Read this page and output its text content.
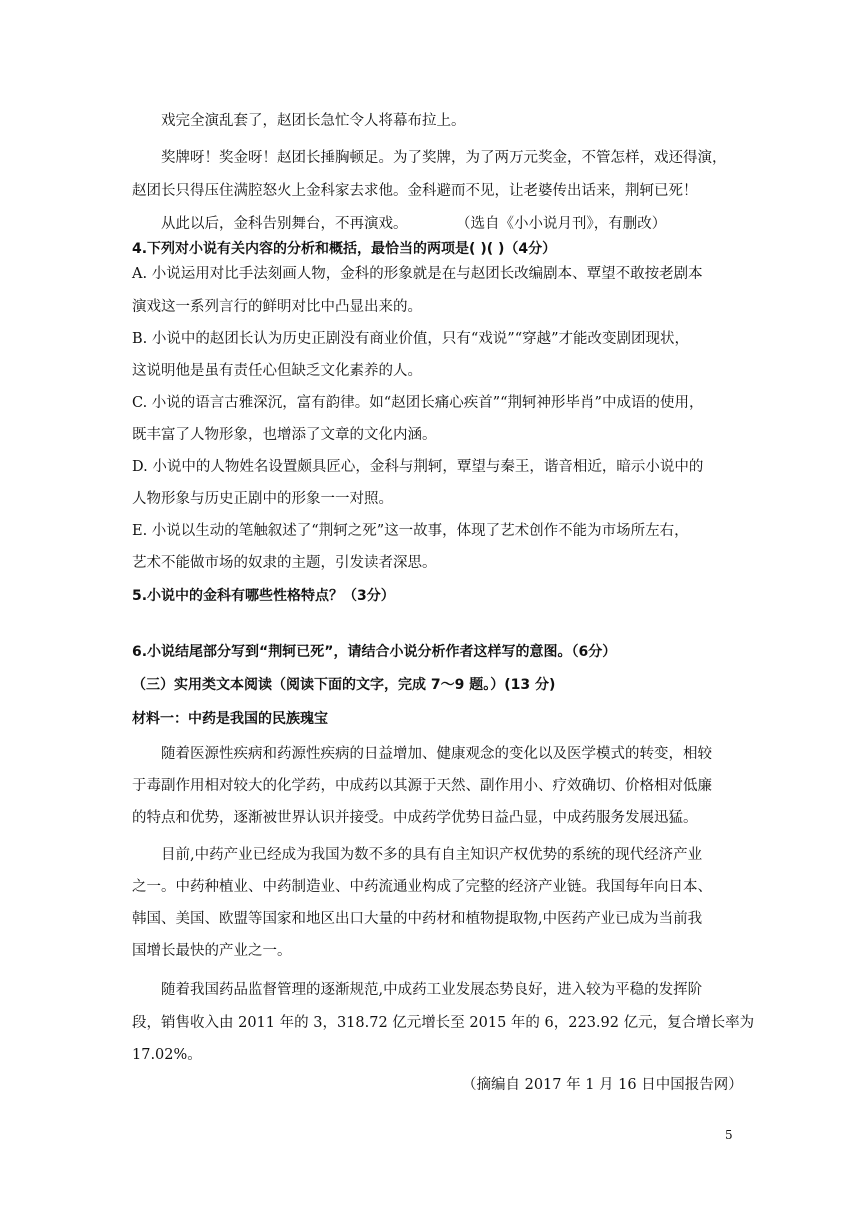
戏完全演乱套了，赵团长急忙令人将幕布拉上。
奖牌呀！奖金呀！赵团长捶胸顿足。为了奖牌，为了两万元奖金，不管怎样，戏还得演，
赵团长只得压住满腔怒火上金科家去求他。金科避而不见，让老婆传出话来，荆轲已死！
从此以后，金科告别舞台，不再演戏。	（选自《小小说月刊》，有删改）
4.下列对小说有关内容的分析和概括，最恰当的两项是( )( )（4分）
A. 小说运用对比手法刻画人物，金科的形象就是在与赵团长改编剧本、覃望不敢按老剧本
演戏这一系列言行的鲜明对比中凸显出来的。
B. 小说中的赵团长认为历史正剧没有商业价值，只有“戏说”“穿越”才能改变剧团现状，
这说明他是虽有责任心但缺乏文化素养的人。
C. 小说的语言古雅深沉，富有韵律。如“赵团长痛心疾首”“荆轲神形毕肖”中成语的使用，
既丰富了人物形象，也增添了文章的文化内涵。
D. 小说中的人物姓名设置颇具匠心，金科与荆轲，覃望与秦王，谐音相近，暗示小说中的
人物形象与历史正剧中的形象一一对照。
E. 小说以生动的笔触叙述了“荆轲之死”这一故事，体现了艺术创作不能为市场所左右，
艺术不能做市场的奴隶的主题，引发读者深思。
5.小说中的金科有哪些性格特点？（3分）
6.小说结尾部分写到“荆轲已死”，请结合小说分析作者这样写的意图。（6分）
（三）实用类文本阅读（阅读下面的文字，完成 7～9 题。）(13 分)
材料一：中药是我国的民族瑰宝
随着医源性疾病和药源性疾病的日益增加、健康观念的变化以及医学模式的转变，相较
于毒副作用相对较大的化学药，中成药以其源于天然、副作用小、疗效确切、价格相对低廉
的特点和优势，逐渐被世界认识并接受。中成药学优势日益凸显，中成药服务发展迅猛。
目前,中药产业已经成为我国为数不多的具有自主知识产权优势的系统的现代经济产业
之一。中药种植业、中药制造业、中药流通业构成了完整的经济产业链。我国每年向日本、
韩国、美国、欧盟等国家和地区出口大量的中药材和植物提取物,中医药产业已成为当前我
国增长最快的产业之一。
随着我国药品监督管理的逐渐规范,中成药工业发展态势良好，进入较为平稳的发挥阶
段，销售收入由 2011 年的 3，318.72 亿元增长至 2015 年的 6，223.92 亿元，复合增长率为
17.02%。
（摘编自 2017 年 1 月 16 日中国报告网）
5
